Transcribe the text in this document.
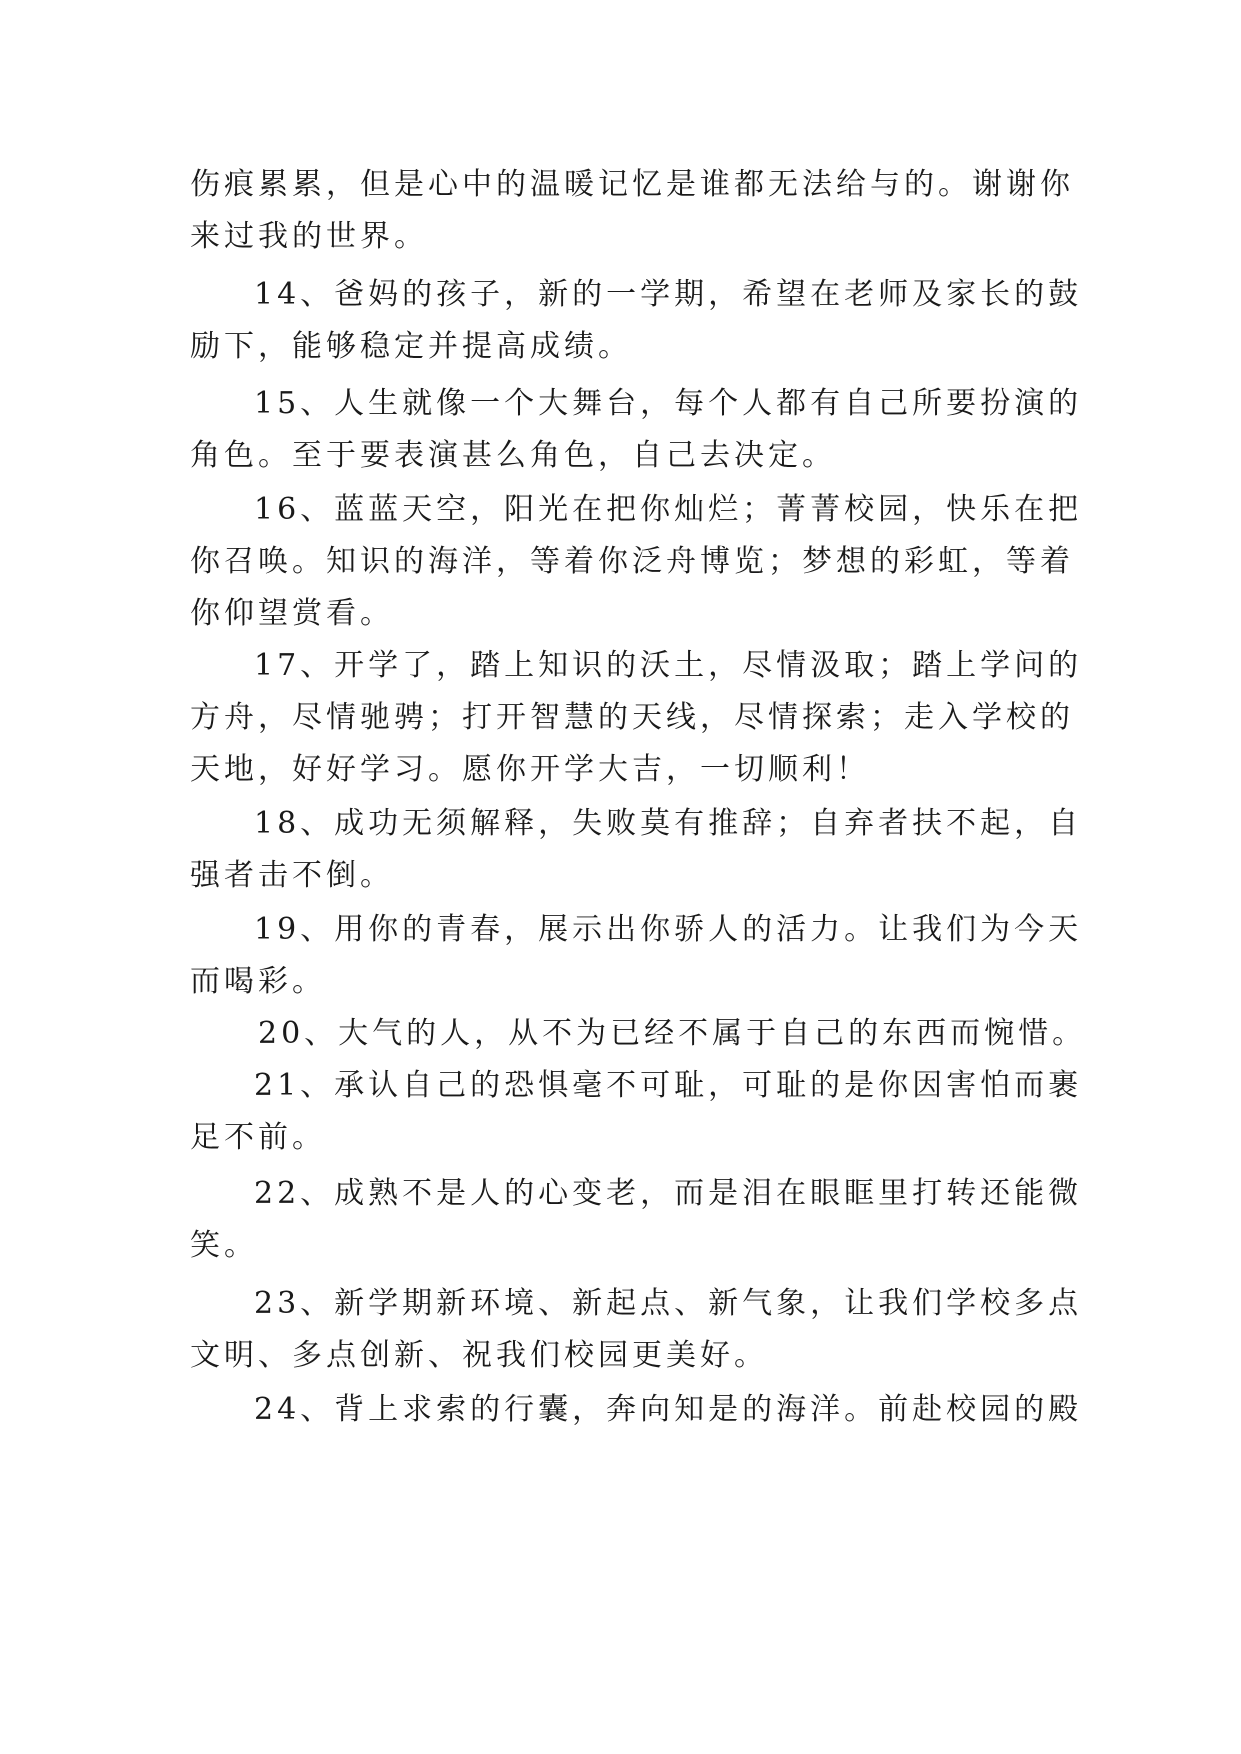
伤痕累累，但是心中的温暖记忆是谁都无法给与的。谢谢你
来过我的世界。
14、爸妈的孩子，新的一学期，希望在老师及家长的鼓
励下，能够稳定并提高成绩。
15、人生就像一个大舞台，每个人都有自己所要扮演的
角色。至于要表演甚么角色，自己去决定。
16、蓝蓝天空，阳光在把你灿烂；菁菁校园，快乐在把
你召唤。知识的海洋，等着你泛舟博览；梦想的彩虹，等着
你仰望赏看。
17、开学了，踏上知识的沃土，尽情汲取；踏上学问的
方舟，尽情驰骋；打开智慧的天线，尽情探索；走入学校的
天地，好好学习。愿你开学大吉，一切顺利！
18、成功无须解释，失败莫有推辞；自弃者扶不起，自
强者击不倒。
19、用你的青春，展示出你骄人的活力。让我们为今天
而喝彩。
20、大气的人，从不为已经不属于自己的东西而惋惜。
21、承认自己的恐惧毫不可耻，可耻的是你因害怕而裹
足不前。
22、成熟不是人的心变老，而是泪在眼眶里打转还能微
笑。
23、新学期新环境、新起点、新气象，让我们学校多点
文明、多点创新、祝我们校园更美好。
24、背上求索的行囊，奔向知是的海洋。前赴校园的殿
